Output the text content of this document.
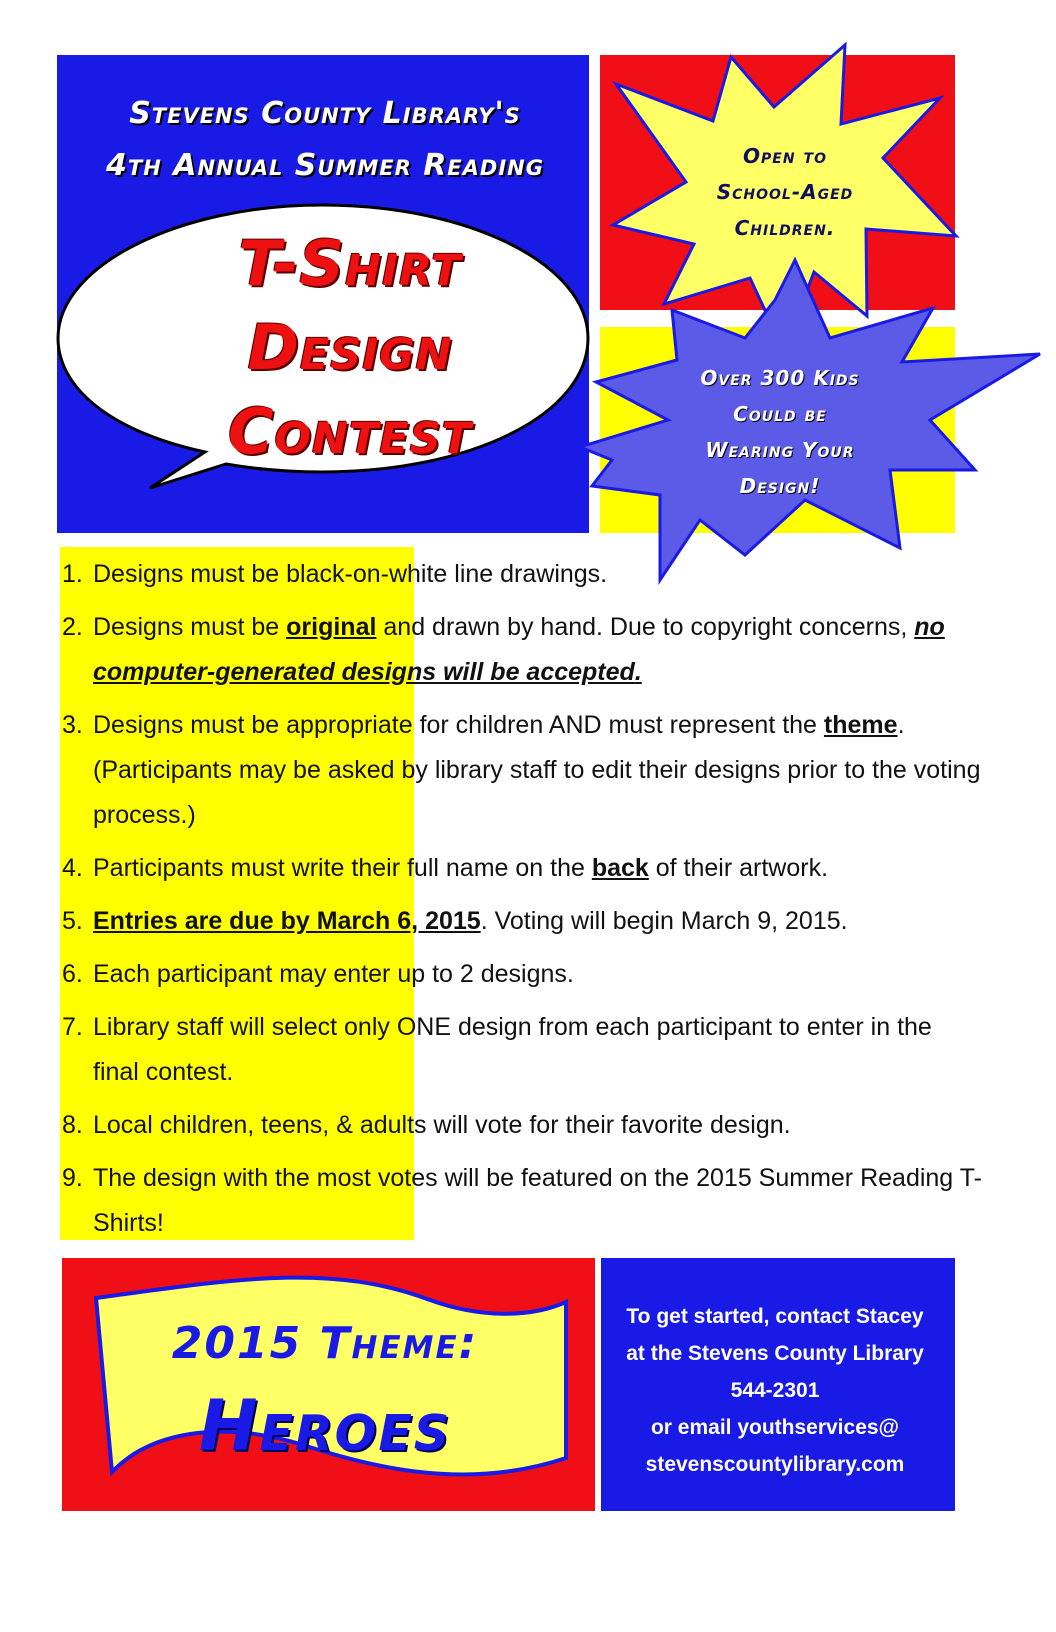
Stevens County Library's
4th Annual Summer Reading
T-Shirt
Design
Contest
Open to
School-Aged
Children.
Over 300 Kids
Could be
Wearing Your
Design!
1. Designs must be black-on-white line drawings.
2. Designs must be original and drawn by hand. Due to copyright concerns, no computer-generated designs will be accepted.
3. Designs must be appropriate for children AND must represent the theme. (Participants may be asked by library staff to edit their designs prior to the voting process.)
4. Participants must write their full name on the back of their artwork.
5. Entries are due by March 6, 2015. Voting will begin March 9, 2015.
6. Each participant may enter up to 2 designs.
7. Library staff will select only ONE design from each participant to enter in the final contest.
8. Local children, teens, & adults will vote for their favorite design.
9. The design with the most votes will be featured on the 2015 Summer Reading T-Shirts!
2015 Theme:
Heroes
To get started, contact Stacey
at the Stevens County Library
544-2301
or email youthservices@
stevenscountylibrary.com
